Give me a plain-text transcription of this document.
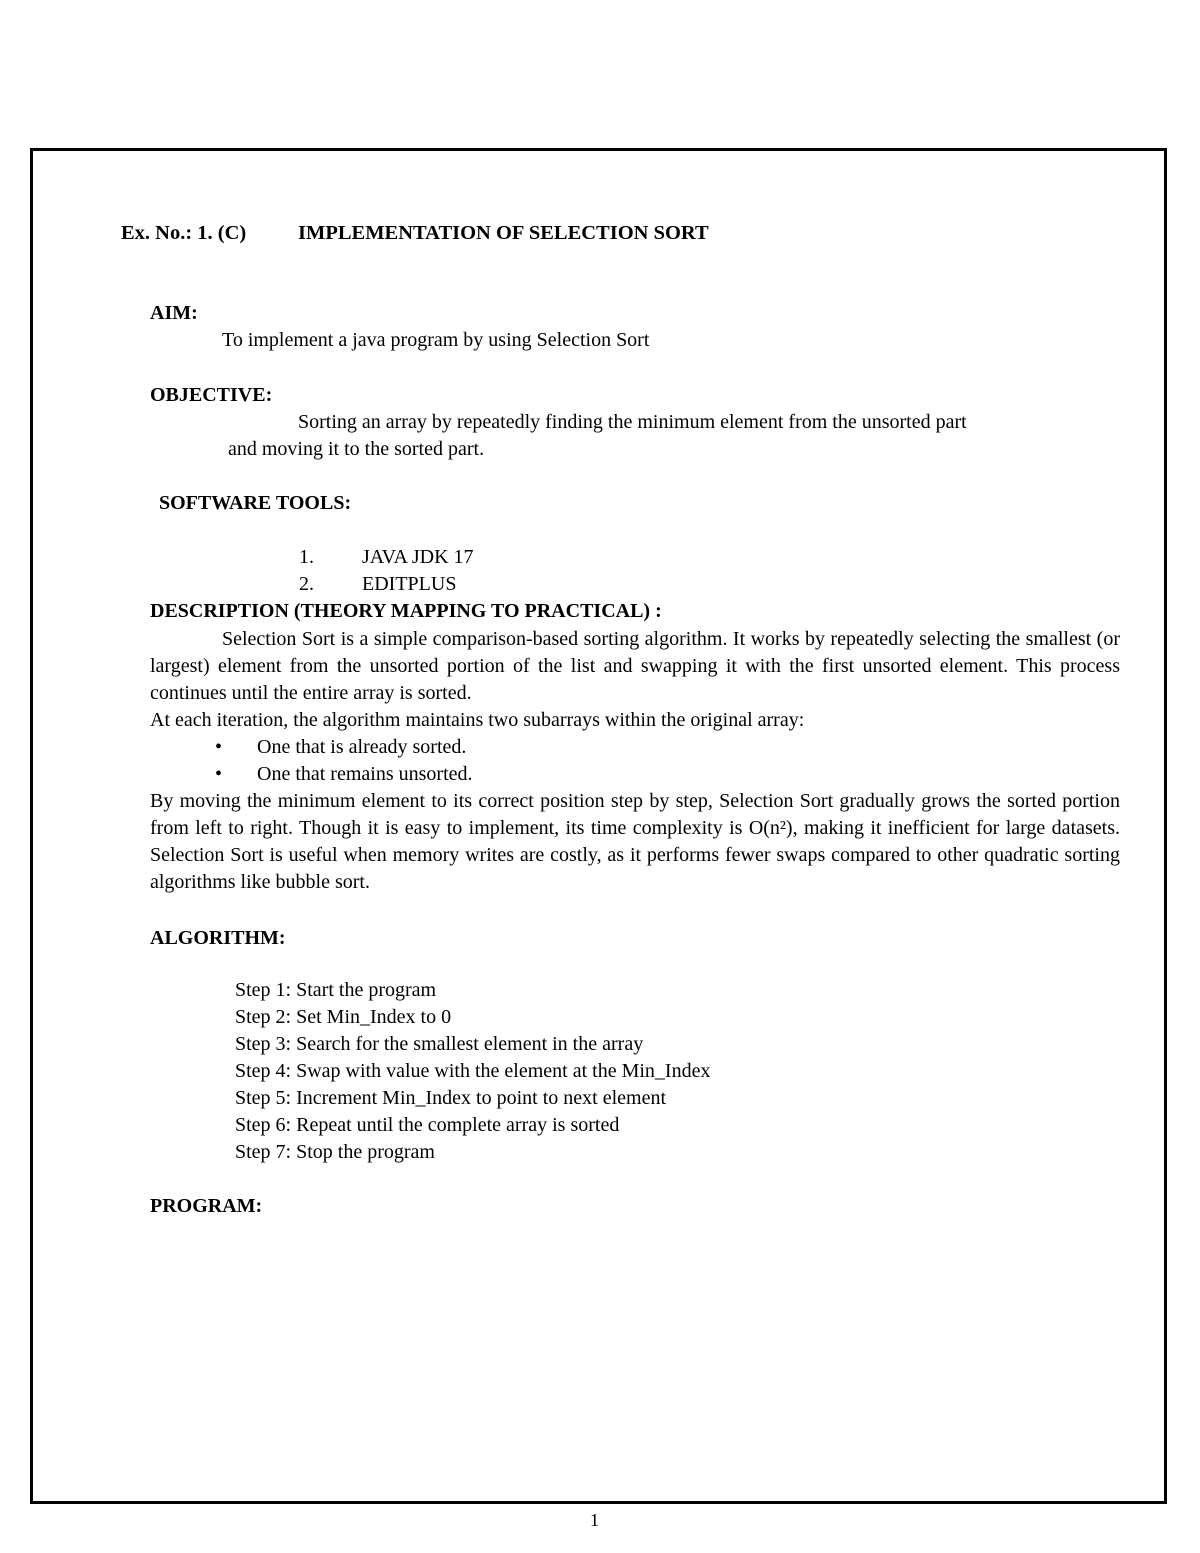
Ex. No.: 1. (C)	IMPLEMENTATION OF SELECTION SORT
AIM:
To implement a java program by using Selection Sort
OBJECTIVE:
Sorting an array by repeatedly finding the minimum element from the unsorted part
and moving it to the sorted part.
SOFTWARE TOOLS:
1. JAVA JDK 17
2. EDITPLUS
DESCRIPTION (THEORY MAPPING TO PRACTICAL) :
Selection Sort is a simple comparison-based sorting algorithm. It works by repeatedly selecting the smallest (or largest) element from the unsorted portion of the list and swapping it with the first unsorted element. This process continues until the entire array is sorted.
At each iteration, the algorithm maintains two subarrays within the original array:
• One that is already sorted.
• One that remains unsorted.
By moving the minimum element to its correct position step by step, Selection Sort gradually grows the sorted portion from left to right. Though it is easy to implement, its time complexity is O(n²), making it inefficient for large datasets. Selection Sort is useful when memory writes are costly, as it performs fewer swaps compared to other quadratic sorting algorithms like bubble sort.
ALGORITHM:
Step 1: Start the program
Step 2: Set Min_Index to 0
Step 3: Search for the smallest element in the array
Step 4: Swap with value with the element at the Min_Index
Step 5: Increment Min_Index to point to next element
Step 6: Repeat until the complete array is sorted
Step 7: Stop the program
PROGRAM:
1
